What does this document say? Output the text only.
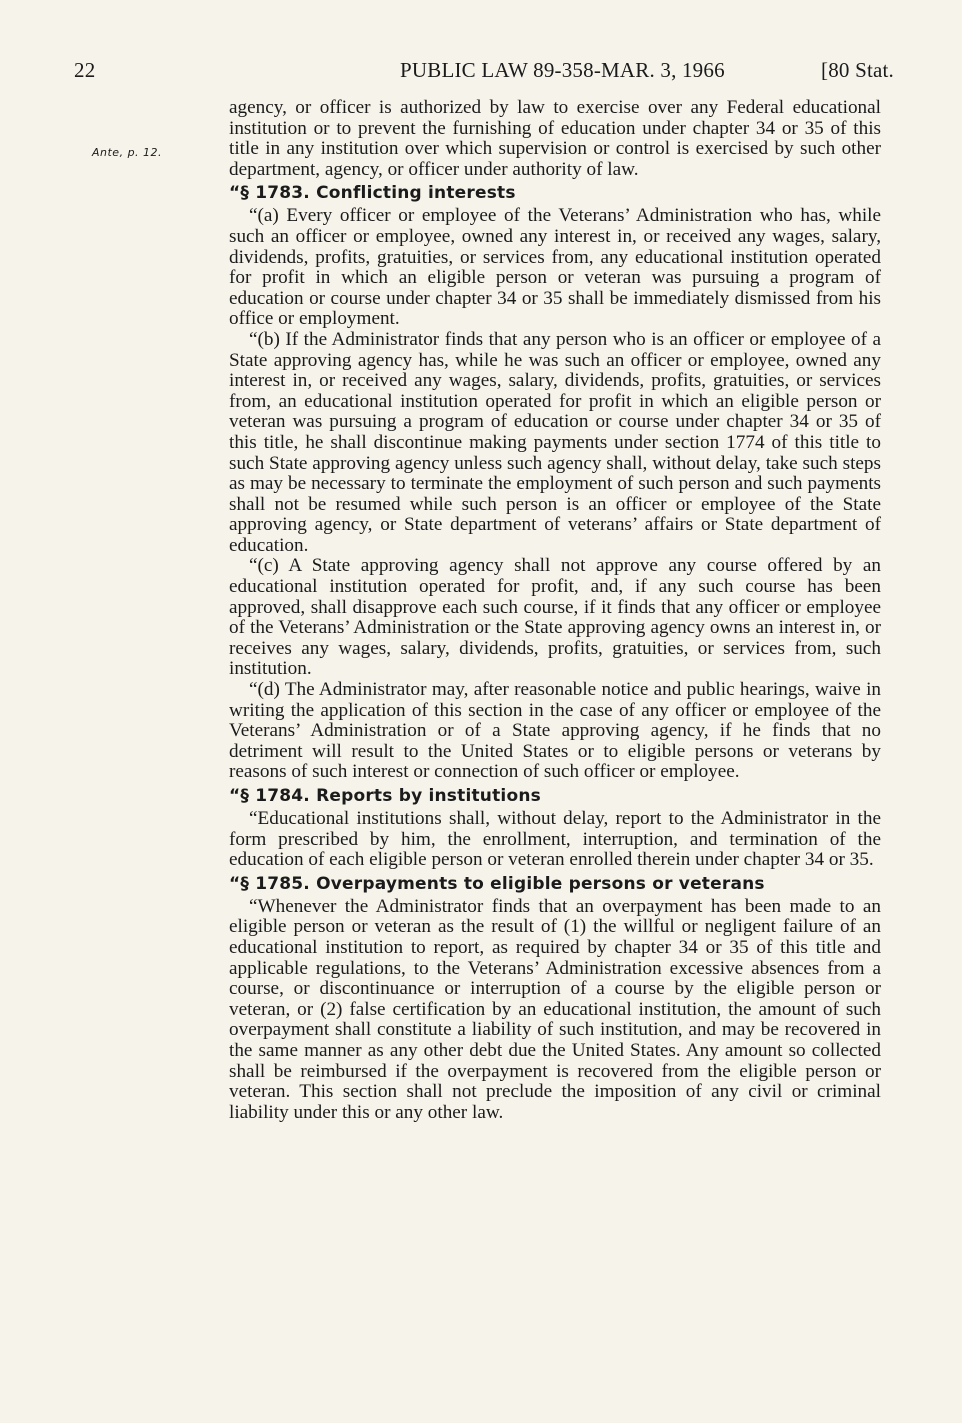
22	PUBLIC LAW 89-358-MAR. 3, 1966	[80 Stat.
Ante, p. 12.

agency, or officer is authorized by law to exercise over any Federal educational institution or to prevent the furnishing of education under chapter 34 or 35 of this title in any institution over which supervision or control is exercised by such other department, agency, or officer under authority of law.

“§ 1783. Conflicting interests

“(a) Every officer or employee of the Veterans’ Administration who has, while such an officer or employee, owned any interest in, or received any wages, salary, dividends, profits, gratuities, or services from, any educational institution operated for profit in which an eligible person or veteran was pursuing a program of education or course under chapter 34 or 35 shall be immediately dismissed from his office or employment.

“(b) If the Administrator finds that any person who is an officer or employee of a State approving agency has, while he was such an officer or employee, owned any interest in, or received any wages, salary, dividends, profits, gratuities, or services from, an educational institution operated for profit in which an eligible person or veteran was pursuing a program of education or course under chapter 34 or 35 of this title, he shall discontinue making payments under section 1774 of this title to such State approving agency unless such agency shall, without delay, take such steps as may be necessary to terminate the employment of such person and such payments shall not be resumed while such person is an officer or employee of the State approving agency, or State department of veterans’ affairs or State department of education.

“(c) A State approving agency shall not approve any course offered by an educational institution operated for profit, and, if any such course has been approved, shall disapprove each such course, if it finds that any officer or employee of the Veterans’ Administration or the State approving agency owns an interest in, or receives any wages, salary, dividends, profits, gratuities, or services from, such institution.

“(d) The Administrator may, after reasonable notice and public hearings, waive in writing the application of this section in the case of any officer or employee of the Veterans’ Administration or of a State approving agency, if he finds that no detriment will result to the United States or to eligible persons or veterans by reasons of such interest or connection of such officer or employee.

“§ 1784. Reports by institutions

“Educational institutions shall, without delay, report to the Administrator in the form prescribed by him, the enrollment, interruption, and termination of the education of each eligible person or veteran enrolled therein under chapter 34 or 35.

“§ 1785. Overpayments to eligible persons or veterans

“Whenever the Administrator finds that an overpayment has been made to an eligible person or veteran as the result of (1) the willful or negligent failure of an educational institution to report, as required by chapter 34 or 35 of this title and applicable regulations, to the Veterans’ Administration excessive absences from a course, or discontinuance or interruption of a course by the eligible person or veteran, or (2) false certification by an educational institution, the amount of such overpayment shall constitute a liability of such institution, and may be recovered in the same manner as any other debt due the United States. Any amount so collected shall be reimbursed if the overpayment is recovered from the eligible person or veteran. This section shall not preclude the imposition of any civil or criminal liability under this or any other law.
